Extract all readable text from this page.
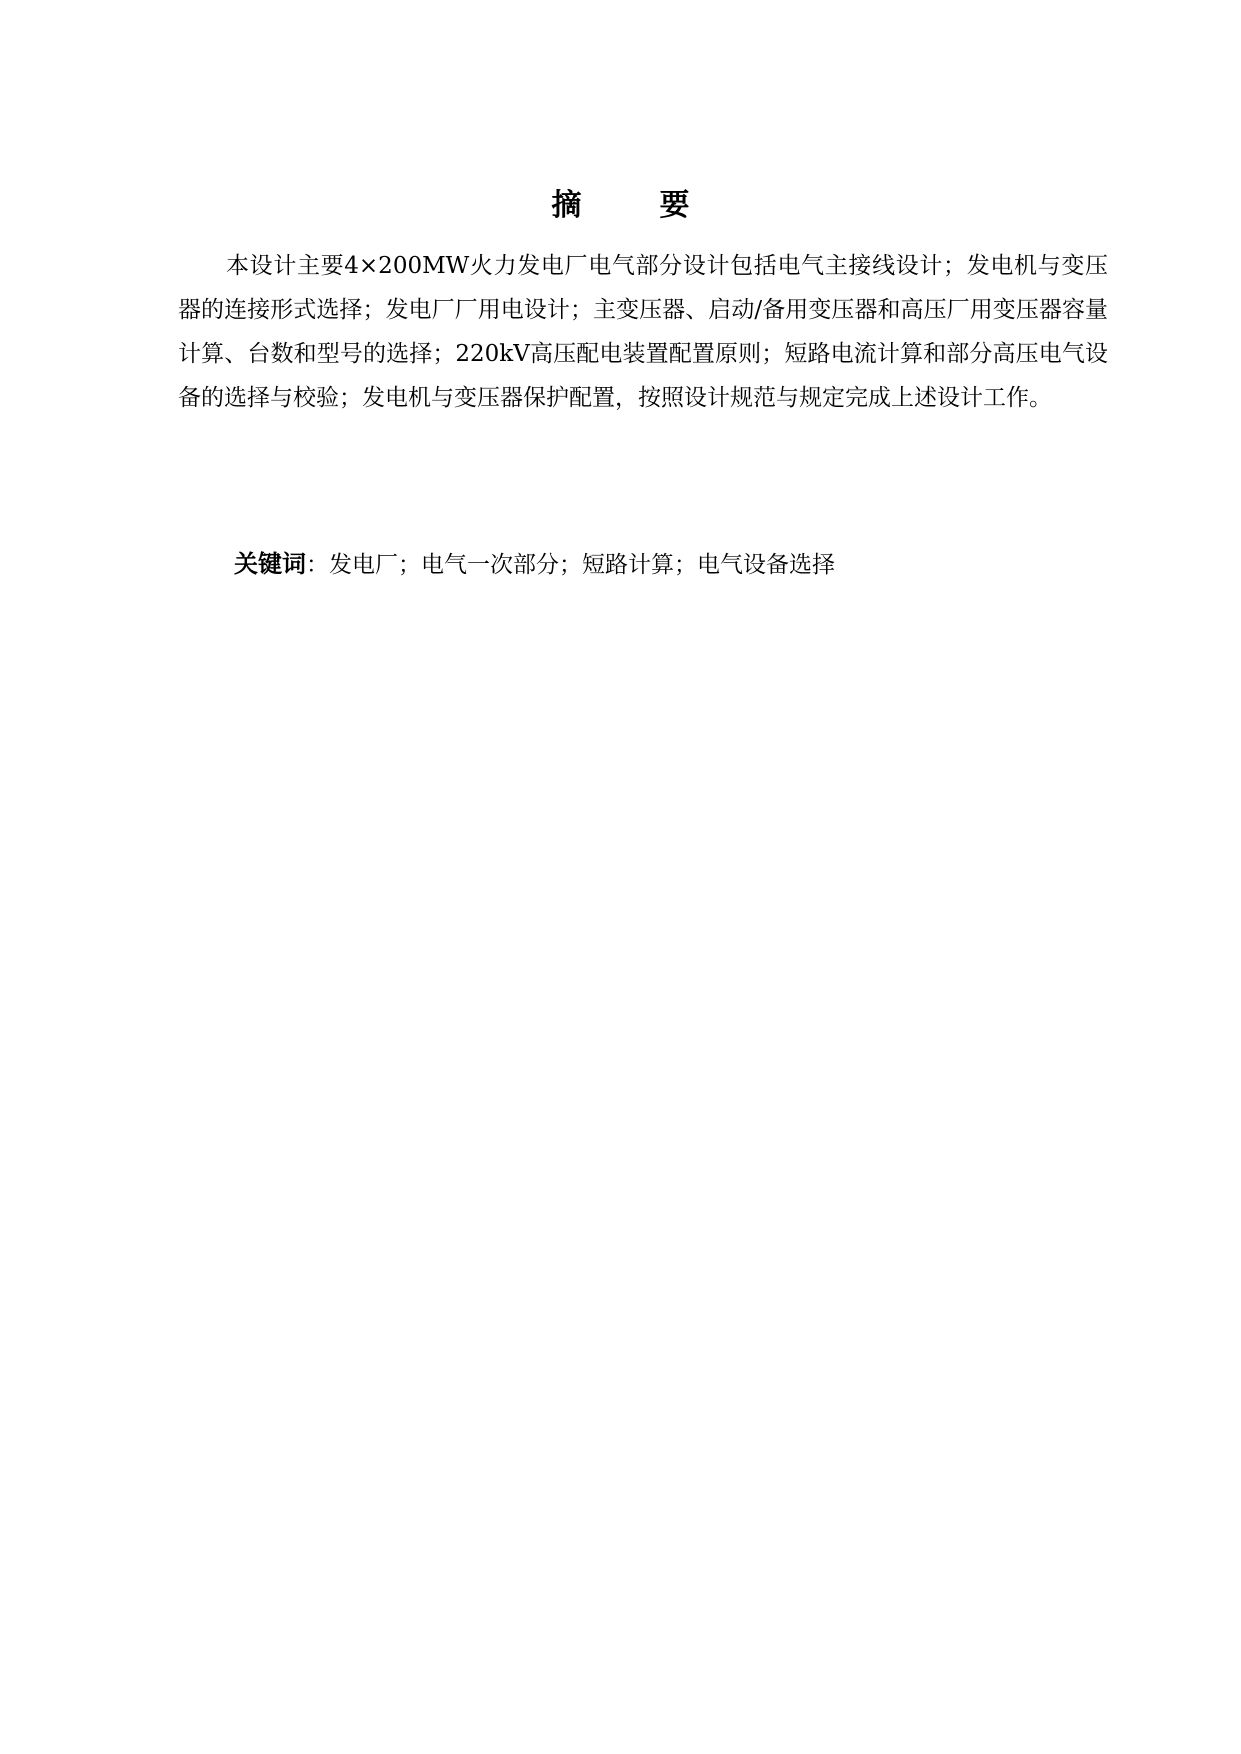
摘　要

本设计主要4×200MW火力发电厂电气部分设计包括电气主接线设计；发电机与变压器的连接形式选择；发电厂厂用电设计；主变压器、启动/备用变压器和高压厂用变压器容量计算、台数和型号的选择；220kV高压配电装置配置原则；短路电流计算和部分高压电气设备的选择与校验；发电机与变压器保护配置，按照设计规范与规定完成上述设计工作。

关键词：发电厂；电气一次部分；短路计算；电气设备选择
